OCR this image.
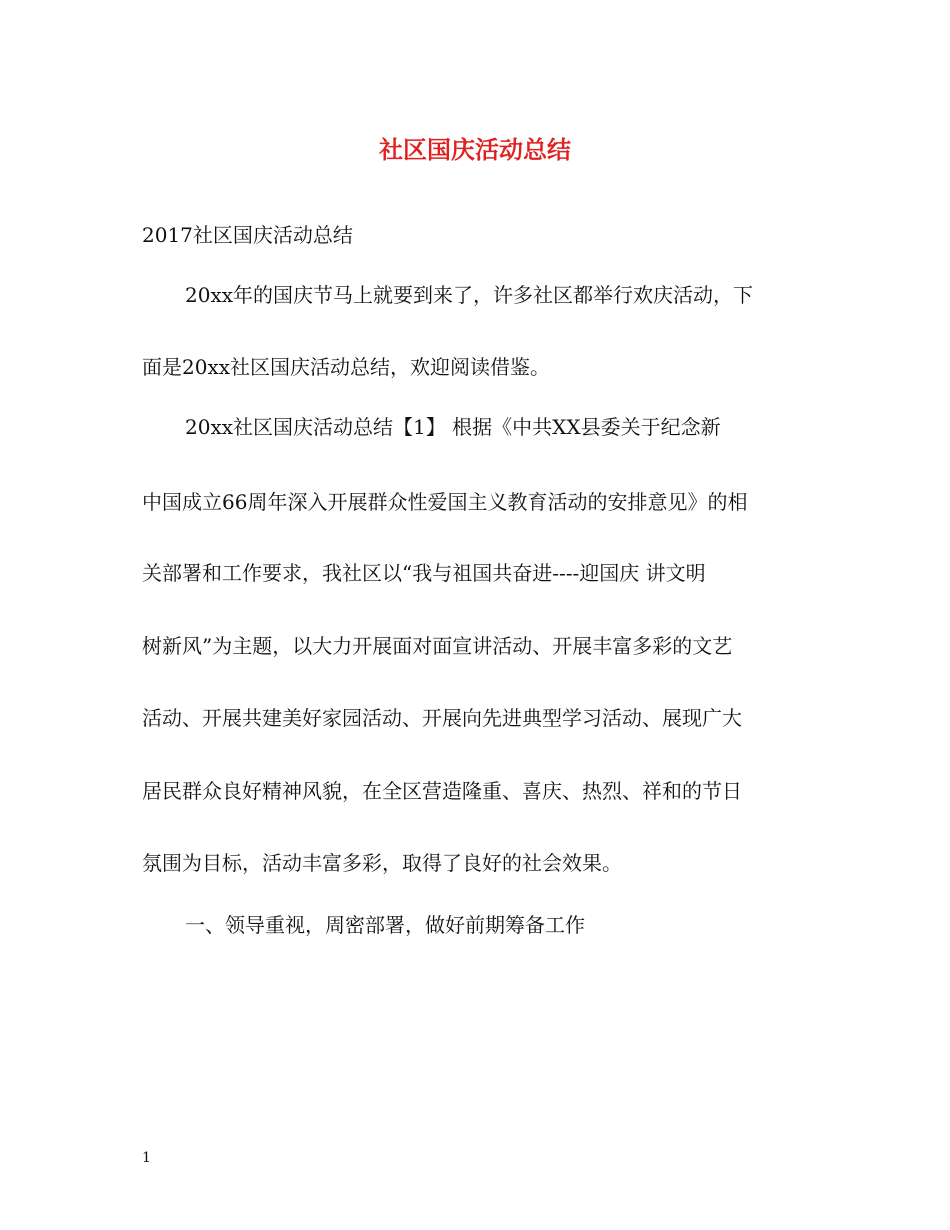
社区国庆活动总结
2017社区国庆活动总结
20xx年的国庆节马上就要到来了，许多社区都举行欢庆活动，下
面是20xx社区国庆活动总结，欢迎阅读借鉴。
20xx社区国庆活动总结【1】 根据《中共XX县委关于纪念新
中国成立66周年深入开展群众性爱国主义教育活动的安排意见》的相
关部署和工作要求，我社区以“我与祖国共奋进----迎国庆 讲文明
树新风”为主题，以大力开展面对面宣讲活动、开展丰富多彩的文艺
活动、开展共建美好家园活动、开展向先进典型学习活动、展现广大
居民群众良好精神风貌，在全区营造隆重、喜庆、热烈、祥和的节日
氛围为目标，活动丰富多彩，取得了良好的社会效果。
一、领导重视，周密部署，做好前期筹备工作
1
